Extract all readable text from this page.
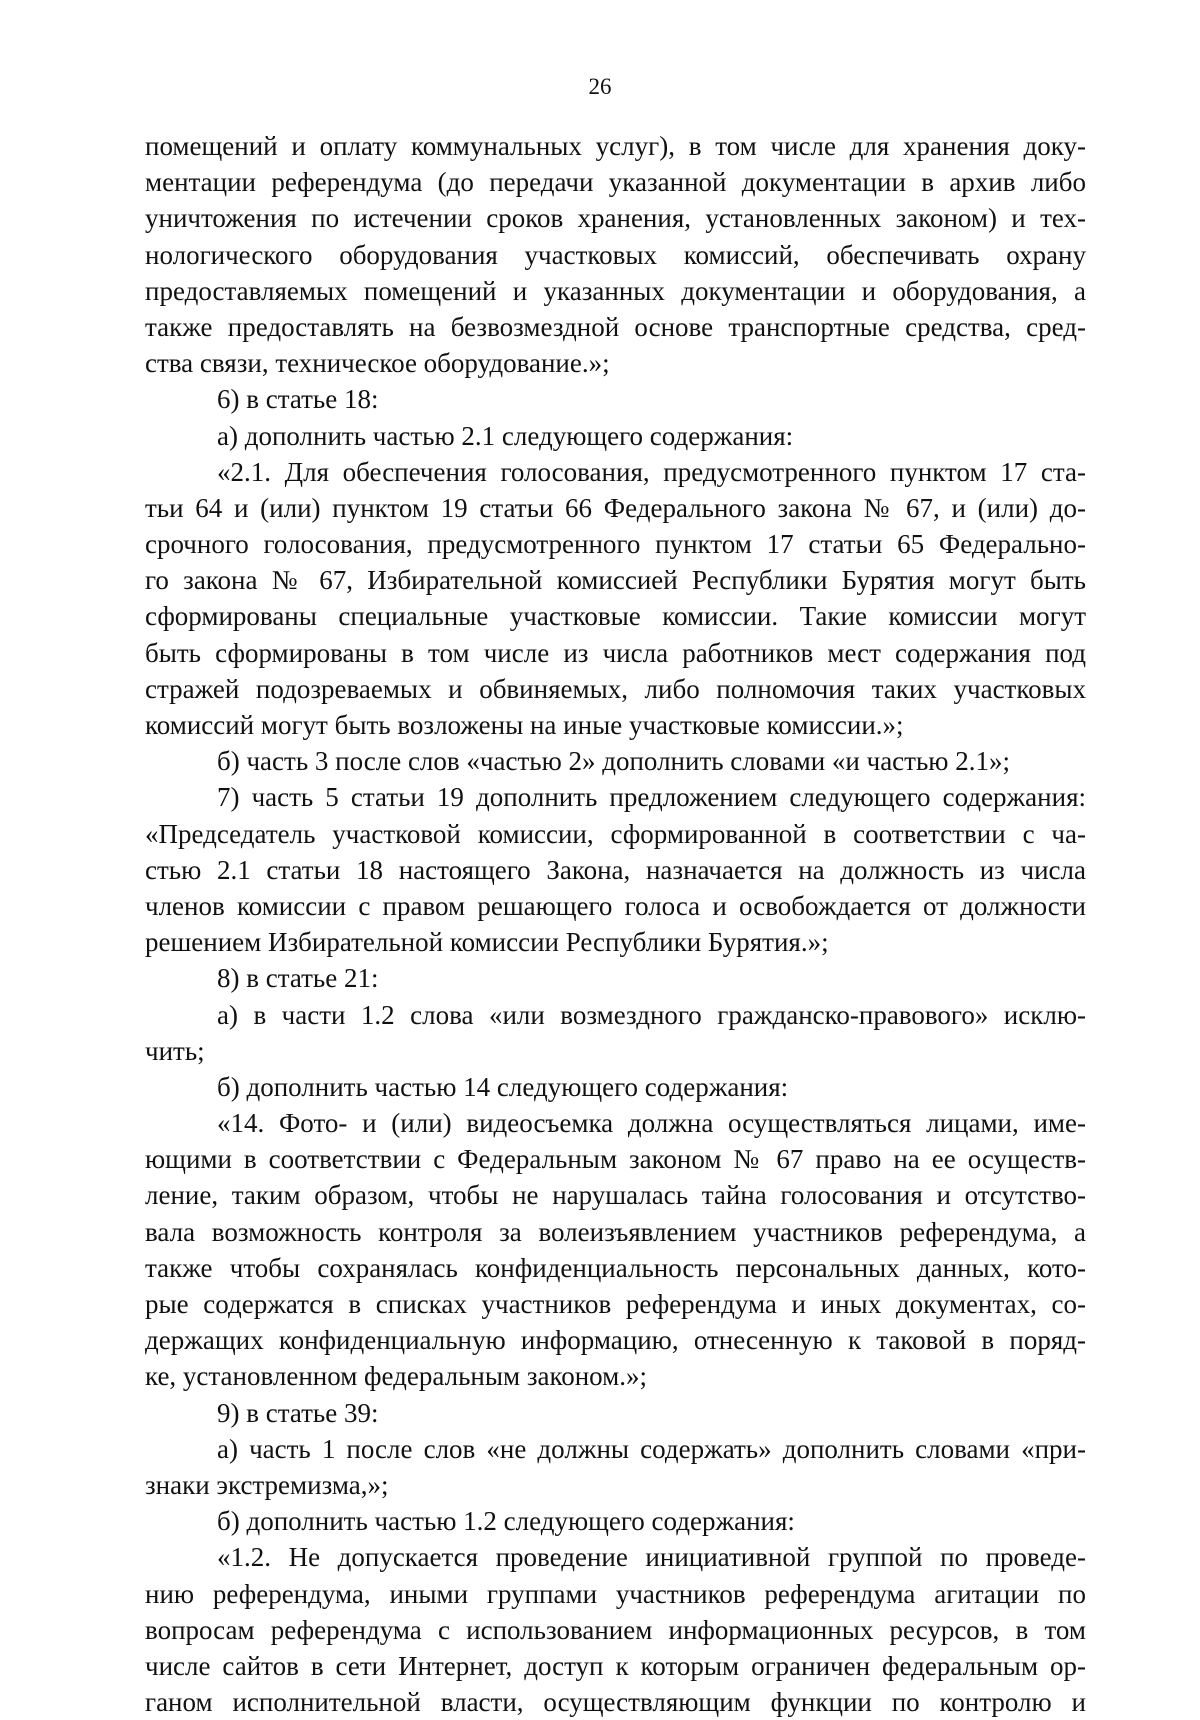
26
помещений и оплату коммунальных услуг), в том числе для хранения доку-
ментации референдума (до передачи указанной документации в архив либо
уничтожения по истечении сроков хранения, установленных законом) и тех-
нологического оборудования участковых комиссий, обеспечивать охрану
предоставляемых помещений и указанных документации и оборудования, а
также предоставлять на безвозмездной основе транспортные средства, сред-
ства связи, техническое оборудование.»;
6) в статье 18:
а) дополнить частью 2.1 следующего содержания:
«2.1. Для обеспечения голосования, предусмотренного пунктом 17 ста-
тьи 64 и (или) пунктом 19 статьи 66 Федерального закона № 67, и (или) до-
срочного голосования, предусмотренного пунктом 17 статьи 65 Федерально-
го закона № 67, Избирательной комиссией Республики Бурятия могут быть
сформированы специальные участковые комиссии. Такие комиссии могут
быть сформированы в том числе из числа работников мест содержания под
стражей подозреваемых и обвиняемых, либо полномочия таких участковых
комиссий могут быть возложены на иные участковые комиссии.»;
б) часть 3 после слов «частью 2» дополнить словами «и частью 2.1»;
7) часть 5 статьи 19 дополнить предложением следующего содержания:
«Председатель участковой комиссии, сформированной в соответствии с ча-
стью 2.1 статьи 18 настоящего Закона, назначается на должность из числа
членов комиссии с правом решающего голоса и освобождается от должности
решением Избирательной комиссии Республики Бурятия.»;
8) в статье 21:
а) в части 1.2 слова «или возмездного гражданско-правового» исклю-
чить;
б) дополнить частью 14 следующего содержания:
«14. Фото- и (или) видеосъемка должна осуществляться лицами, име-
ющими в соответствии с Федеральным законом № 67 право на ее осуществ-
ление, таким образом, чтобы не нарушалась тайна голосования и отсутство-
вала возможность контроля за волеизъявлением участников референдума, а
также чтобы сохранялась конфиденциальность персональных данных, кото-
рые содержатся в списках участников референдума и иных документах, со-
держащих конфиденциальную информацию, отнесенную к таковой в поряд-
ке, установленном федеральным законом.»;
9) в статье 39:
а) часть 1 после слов «не должны содержать» дополнить словами «при-
знаки экстремизма,»;
б) дополнить частью 1.2 следующего содержания:
«1.2. Не допускается проведение инициативной группой по проведе-
нию референдума, иными группами участников референдума агитации по
вопросам референдума с использованием информационных ресурсов, в том
числе сайтов в сети Интернет, доступ к которым ограничен федеральным ор-
ганом исполнительной власти, осуществляющим функции по контролю и
